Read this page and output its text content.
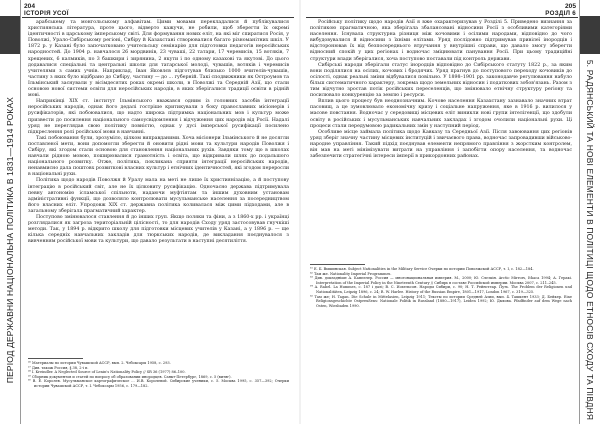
ПЕРІОД ДЕРЖАВНИ НАЦІОНАЛЬНА ПОЛІТИКА В 1831—1914 РОКАХ
204
ІСТОРІЯ УСОЇ

арабськему та монгольському алфавітам. Цими мовами перекладалися й публікувалися християнська література, проте цього, відверто кажучи, не робили, щоб зберегти їх окремі ідентичності в царському імперському світі. Для формування нових еліт, на які міг спиратися Росія, у Поволжі, Урало-Сибірському регіоні, Сибіру й Казахстані створювалися багато різноманітних шкіл. У 1872 р. у Казані було започатковано учительську семінарію для підготовки педагогів неросійських народностей. До 1904 р. навчалося 26 мордвинів, 23 чуваші, 22 татари, 17 черемисів, 15 вотяків, 7 хрещених, 6 калмиків, по 3 башкири і зирянина, 2 якути і по одному казахові та якутові. До цього додавалися спеціальні та центральні школи для татарської молоді, чувашів, вотяків і черемисів учителями з самих учнів. Наприклад, Іван Яковлєв підготував близько 1000 вчителів-чувашів, частину з яких було відібрано до Сибіру, частину — до ... губерній. Такі сподвижники як Остроумов та Ільмінський заснували у вісімдесятих роках окремі школи, в Поволжі та Середній Азії, що стали основою нової системи освіти для неросійських народів, в яких зберігалися традиції освіти в рідній мові.

Наприкінці XIX ст. інститут Ільмінського вважався одним із головних засобів інтеграції неросійських народів, однак його дедалі гостріше критикували з боку православних місіонерів і русифікаторів, які побоювалися, що надто широка підтримка національних мов і культур може призвести до посилення національного самоусвідомлення і відчуження цих народів від Росії. Надалі уряд не переглядав свою політику повністю, однак у дусі імперської русифікації посилено підкреслення ролі російської мови в навчанні.

Такі побоювання були, зрозуміло, цілком виправданими. Хоча місіонери Ільмінського й не досягли поставленої мети, вони допомогли зберегти й оновити рідні мови та культури народів Поволжя і Сибіру, які згодом стали основою для становлення національних рухів. Завдяки тому що в школах навчали рідною мовою, поширювалися грамотність і освіта, що відкривали шлях до подальшого національного розвитку. Отже, політика, покликана сприяти інтеграції неросійських народів, ненавмисно дала поштовх розвиткові власних культур і етнічних ідентичностей, які згодом переросли в національні рухи.

Політика щодо народів Поволжя й Уралу мала на меті не лише їх християнізацію, а й поступову інтеграцію в російський світ, але не їх цілковиту русифікацію. Одночасно держава підтримувала певну автономію ісламської спільноти, надаючи муфтіятам та іншим духовним установам адміністративні функції, що дозволяло контролювати мусульманське населення за посередництвом його власних еліт. Упродовж XIX ст. державна політика коливалася між цими підходами, але в загальному зберігала прагматичний характер.

Поступово змінювалося ставлення й до інших груп. Якщо поляки та фіни, а з 1860-х рр. і українці розглядалися як загроза територіальній цілісності, то для народів Сходу уряд застосовував гнучкіші методи. Так, у 1894 р. відкрито школу для підготовки місцевих учителів у Казані, а у 1896 р. — ще кілька середніх навчальних закладів для тюркських народів, де викладання поєднувалося з вивченням російської мови та культури, що давало результати в наступні десятиліття.

²⁶ Материалы по истории Чувашской АССР, вып. 2. Чебоксары 1958, с. 293.

²⁷ Див. також Россия, § 38, 2-і п.

²⁸ I. Kreindler. A Neglected Source of Lenin's Nationality Policy // SR 36 (1977) 86–100.

²⁹ Сборник документов и статей по вопросу об образовании инородцев. Санкт-Петербург, 1869, с. 5 (витяг).

³⁰ В. Е. Королев. Мусульманское картографическое ... И.В. Королевой. Сибирские ученики, с. 5. Москва 1995, с. 357—392; Очерки истории Чувашской АССР, т. I. Чебоксары 1956, с. 179—182.	5. РАДЯНСЬКИЙ ТА НОВІ ЕЛЕМЕНТИ В ПОЛІТИЦІ ЩОДО ЕТНОСІВ СХОДУ ТА ПІВДНЯ
205
РОЗДІЛ 6

Російську політику щодо народів Азії я вже охарактеризував у Розділі 5. Приведено визнання за політикою прагматичною, яка зберігала збалансовані відносини Росії з особливими категоріями населення. Існувала структурна різниця між кочовими і осілими народами, відповідно до чого вибудовувалися й відносини з їхніми елітами. Уряд послідовно підтримував привілеї інородців і відсторонював їх від безпосереднього втручання у внутрішні справи, що давало змогу зберегти відносний спокій у цих регіонах і водночас зміцнювати панування Росії. При цьому традиційні структури влади зберігалися, хоча поступово поставали під контроль держави.

Сибірські народи зберігали статус інородців відповідно до Сибірського статуту 1822 р., за яким вони поділялися на осілих, кочових і бродячих. Уряд прагнув до поступового переходу кочовиків до осілості, однак реальні зміни відбувалися повільно. У 1898–1901 рр. законодавче регулювання набуло більш систематичного характеру, зокрема щодо земельних відносин і податкових зобов'язань. Разом з тим відчутно зростав потік російських переселенців, що змінювало етнічну структуру регіону та посилювало конкуренцію за землю і ресурси.

Вплив цього процесу був неоднозначним. Кочове населення Казахстану зазнавало значних втрат пасовищ, а це зумовлювало економічну кризу і соціальне напруження, яке в 1916 р. вилилося у масове повстання. Водночас у середовищі місцевих еліт виникли нові групи інтелігенції, що здобули освіту в російських і мусульманських навчальних закладах і згодом очолили національні рухи. Ці процеси стали передумовою радикальних змін у наступний період.

Особливе місце займала політика щодо Кавказу та Середньої Азії. Після завоювання цих регіонів уряд зберіг значну частину місцевих інституцій і звичаєвого права, водночас запровадивши військово-народне управління. Такий підхід поєднував елементи непрямого правління з жорстким контролем, він мав на меті мінімізувати витрати на управління і запобігти опору населення, та водночас забезпечити стратегічні інтереси імперії в прикордонних районах.

³¹ Е. Б. Вышинская. Subject Nationalities in the Military Service Очерки по истории Поволжской АССР, т. I, c. 182—184.

³² Там же. Nationality Imperial Programmes.

³³ Див. докладніше A. Каппелер. Россия — многонациональная империя. М., 2000; Ю. Слєзкін. Arctic Mirrors, Ithaca 1994; А. Геракі. Interpretation of the Imperial Policy in the Nineteenth Century // Сибирь в составе Российской империи. Москва 2007, с. 211–245.

³⁴ A. Rabel. La Hummes, c. 187 і далі; В. С. Иохельсон. Народы Сибири, с. 90; Н. Т. Рейнстеар. Путь. The Problem der Religionen und Nationalitäten, Leipzig 1896, с. 24; R. W. Harlee. History of the Russian Empire, 1801—1917, London 1967, с. 319—325.

³⁵ Там же; H. Tagan. Die Schule in Mittelasien, Leipzig 1911; Тексты по истории Средней Азии, вып. 4. Ташкент 1933; Д. Бейкер. Eine Religionsgeschichte Ostpreußens: Nationale Politik in Russland (1880—1917), Leiden 1992; Ю. Дыхова. Pfadfinder auf dem Wege nach Osten, Wiesbaden 1990.
